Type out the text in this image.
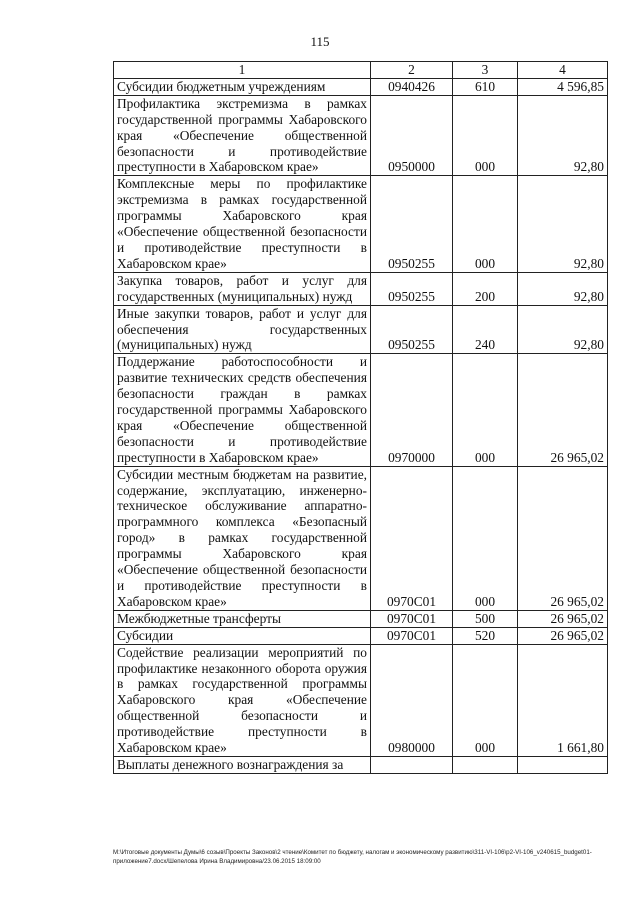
115
1	2	3	4
Субсидии бюджетным учреждениям	0940426	610	4 596,85
Профилактика экстремизма в рамках государственной программы Хабаровского края «Обеспечение общественной безопасности и противодействие преступности в Хабаровском крае»	0950000	000	92,80
Комплексные меры по профилактике экстремизма в рамках государственной программы Хабаровского края «Обеспечение общественной безопасности и противодействие преступности в Хабаровском крае»	0950255	000	92,80
Закупка товаров, работ и услуг для государственных (муниципальных) нужд	0950255	200	92,80
Иные закупки товаров, работ и услуг для обеспечения государственных (муниципальных) нужд	0950255	240	92,80
Поддержание работоспособности и развитие технических средств обеспечения безопасности граждан в рамках государственной программы Хабаровского края «Обеспечение общественной безопасности и противодействие преступности в Хабаровском крае»	0970000	000	26 965,02
Субсидии местным бюджетам на развитие, содержание, эксплуатацию, инженерно-техническое обслуживание аппаратно-программного комплекса «Безопасный город» в рамках государственной программы Хабаровского края «Обеспечение общественной безопасности и противодействие преступности в Хабаровском крае»	0970С01	000	26 965,02
Межбюджетные трансферты	0970С01	500	26 965,02
Субсидии	0970С01	520	26 965,02
Содействие реализации мероприятий по профилактике незаконного оборота оружия в рамках государственной программы Хабаровского края «Обеспечение общественной безопасности и противодействие преступности в Хабаровском крае»	0980000	000	1 661,80
Выплаты денежного вознаграждения за			
M:\Итоговые документы Думы\6 созыв\Проекты Законов\2 чтение\Комитет по бюджету, налогам и экономическому развитию\311-VI-106\p2-VI-106_v240615_budget01-приложение7.docx/Шепелова Ирина Владимировна/23.06.2015 18:09:00
